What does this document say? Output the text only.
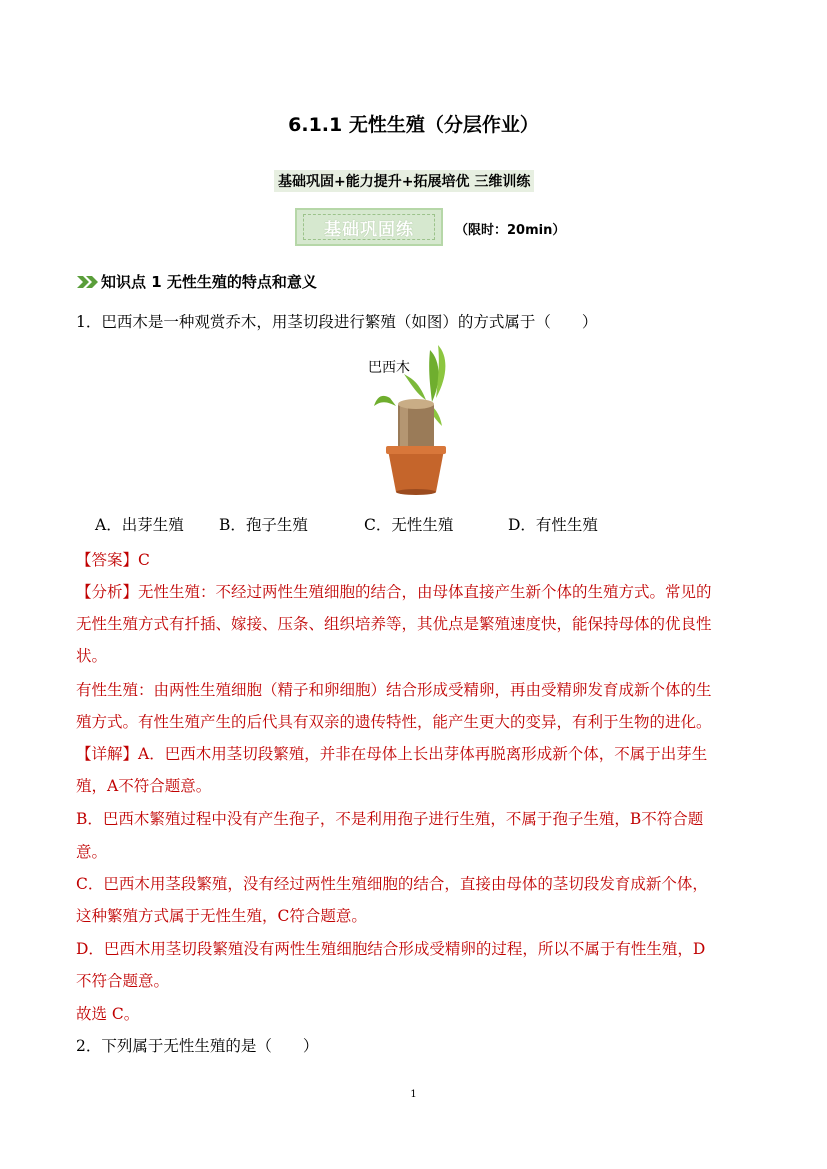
6.1.1 无性生殖（分层作业）
基础巩固+能力提升+拓展培优 三维训练
基础巩固练	（限时：20min）
知识点 1 无性生殖的特点和意义
1．巴西木是一种观赏乔木，用茎切段进行繁殖（如图）的方式属于（　　）
巴西木
A．出芽生殖 B．孢子生殖	C．无性生殖	D．有性生殖
【答案】C
【分析】无性生殖：不经过两性生殖细胞的结合，由母体直接产生新个体的生殖方式。常见的
无性生殖方式有扦插、嫁接、压条、组织培养等，其优点是繁殖速度快，能保持母体的优良性
状。
有性生殖：由两性生殖细胞（精子和卵细胞）结合形成受精卵，再由受精卵发育成新个体的生
殖方式。有性生殖产生的后代具有双亲的遗传特性，能产生更大的变异，有利于生物的进化。
【详解】A．巴西木用茎切段繁殖，并非在母体上长出芽体再脱离形成新个体，不属于出芽生
殖，A不符合题意。
B．巴西木繁殖过程中没有产生孢子，不是利用孢子进行生殖，不属于孢子生殖，B不符合题
意。
C．巴西木用茎段繁殖，没有经过两性生殖细胞的结合，直接由母体的茎切段发育成新个体，
这种繁殖方式属于无性生殖，C符合题意。
D．巴西木用茎切段繁殖没有两性生殖细胞结合形成受精卵的过程，所以不属于有性生殖，D
不符合题意。
故选 C。
2．下列属于无性生殖的是（　　）
1
